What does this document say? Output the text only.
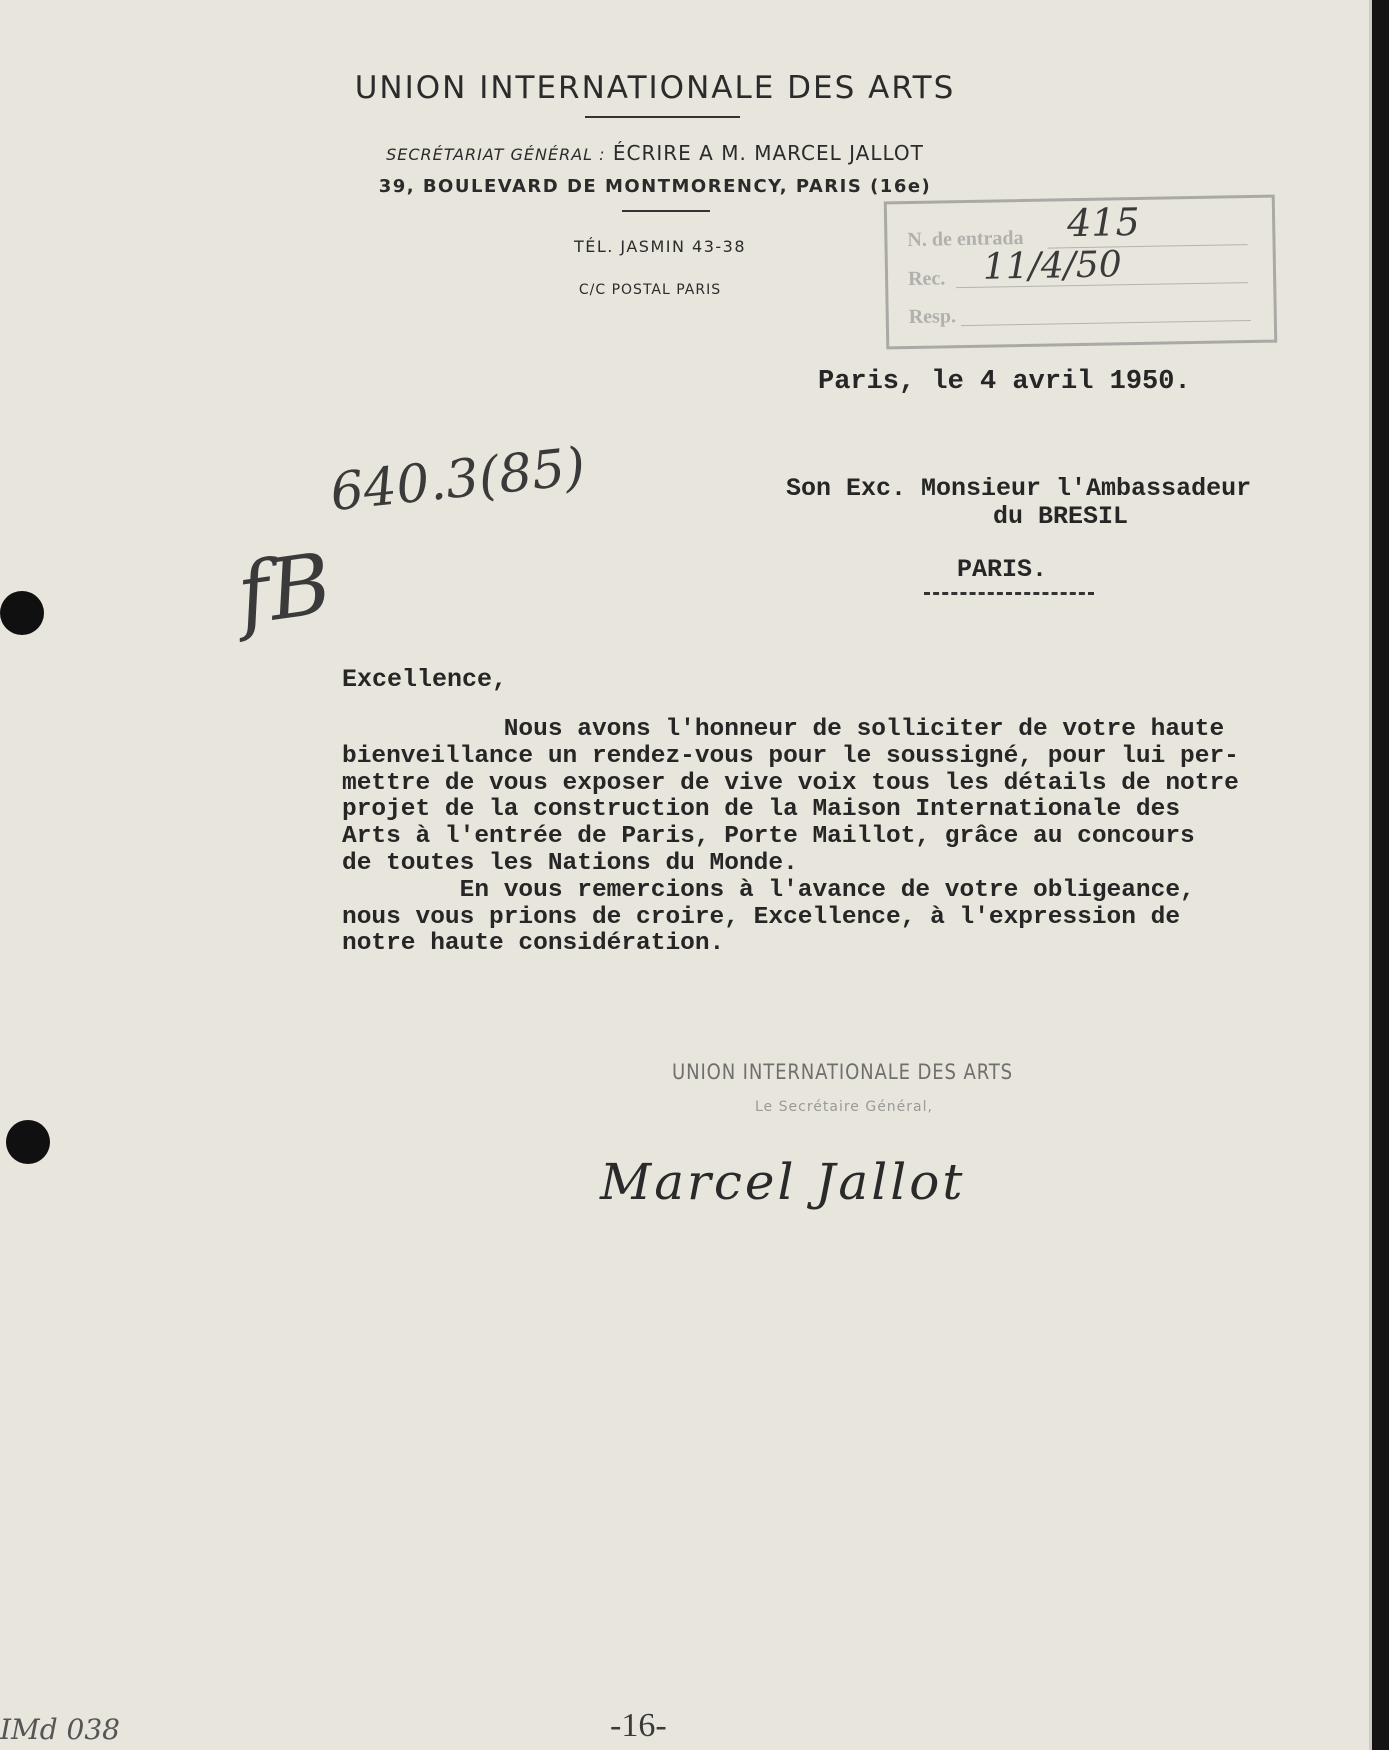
UNION INTERNATIONALE DES ARTS
SECRÉTARIAT GÉNÉRAL : ÉCRIRE A M. MARCEL JALLOT
39, BOULEVARD DE MONTMORENCY, PARIS (16e)
TÉL. JASMIN 43-38
C/C POSTAL PARIS
N. de entrada 415
Rec. 11/4/50
Resp.
Paris, le 4 avril 1950.
Son Exc. Monsieur l'Ambassadeur
du BRESIL
PARIS.
640.3(85)
fB
Excellence,
Nous avons l'honneur de solliciter de votre haute
bienveillance un rendez-vous pour le soussigné, pour lui per-
mettre de vous exposer de vive voix tous les détails de notre
projet de la construction de la Maison Internationale des
Arts à l'entrée de Paris, Porte Maillot, grâce au concours
de toutes les Nations du Monde.
En vous remercions à l'avance de votre obligeance,
nous vous prions de croire, Excellence, à l'expression de
notre haute considération.
UNION INTERNATIONALE DES ARTS
Le Secrétaire Général,
Marcel Jallot
-16-
IMd 038
